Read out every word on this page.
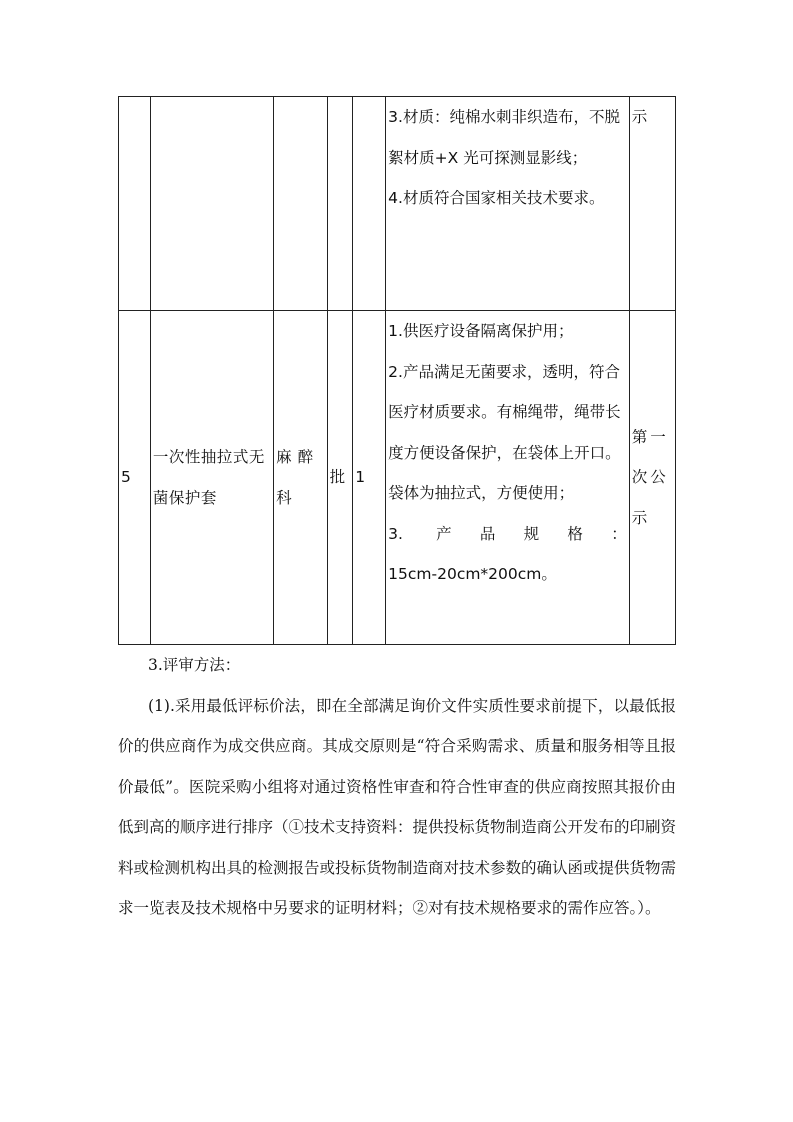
					3.材质：纯棉水刺非织造布，不脱絮材质+X 光可探测显影线；

4.材质符合国家相关技术要求。	示
5	一次性抽拉式无菌保护套	麻 醉科	批	1	1.供医疗设备隔离保护用；

2.产品满足无菌要求，透明，符合医疗材质要求。有棉绳带，绳带长度方便设备保护，在袋体上开口。袋体为抽拉式，方便使用；

3. 产品规格：

15cm-20cm*200cm。	第一次公示

3.评审方法：

(1).采用最低评标价法，即在全部满足询价文件实质性要求前提下，以最低报价的供应商作为成交供应商。其成交原则是“符合采购需求、质量和服务相等且报价最低”。医院采购小组将对通过资格性审查和符合性审查的供应商按照其报价由低到高的顺序进行排序（①技术支持资料：提供投标货物制造商公开发布的印刷资料或检测机构出具的检测报告或投标货物制造商对技术参数的确认函或提供货物需求一览表及技术规格中另要求的证明材料；②对有技术规格要求的需作应答。）。
